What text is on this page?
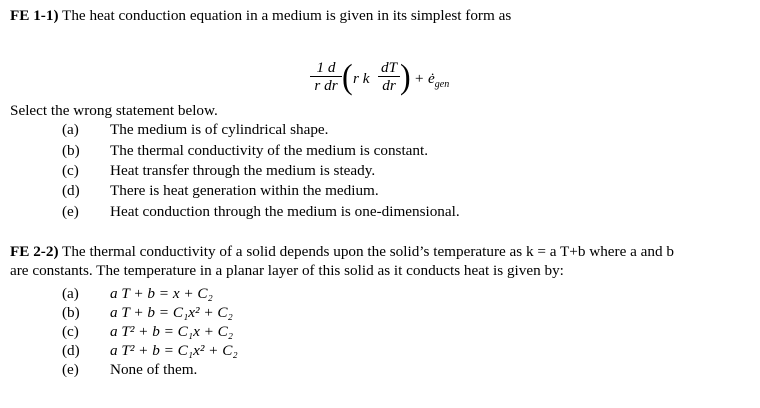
FE 1-1) The heat conduction equation in a medium is given in its simplest form as
1 d
r dr ( r k
dT
dr ) + $ė_{gen}$
Select the wrong statement below.
(a) The medium is of cylindrical shape.
(b) The thermal conductivity of the medium is constant.
(c) Heat transfer through the medium is steady.
(d) There is heat generation within the medium.
(e) Heat conduction through the medium is one-dimensional.
FE 2-2) The thermal conductivity of a solid depends upon the solid’s temperature as k = a T+b where a and b
are constants. The temperature in a planar layer of this solid as it conducts heat is given by:
(a) a T + b = x + C₂
(b) a T + b = C₁x² + C₂
(c) a T² + b = C₁x + C₂
(d) a T² + b = C₁x² + C₂
(e) None of them.
